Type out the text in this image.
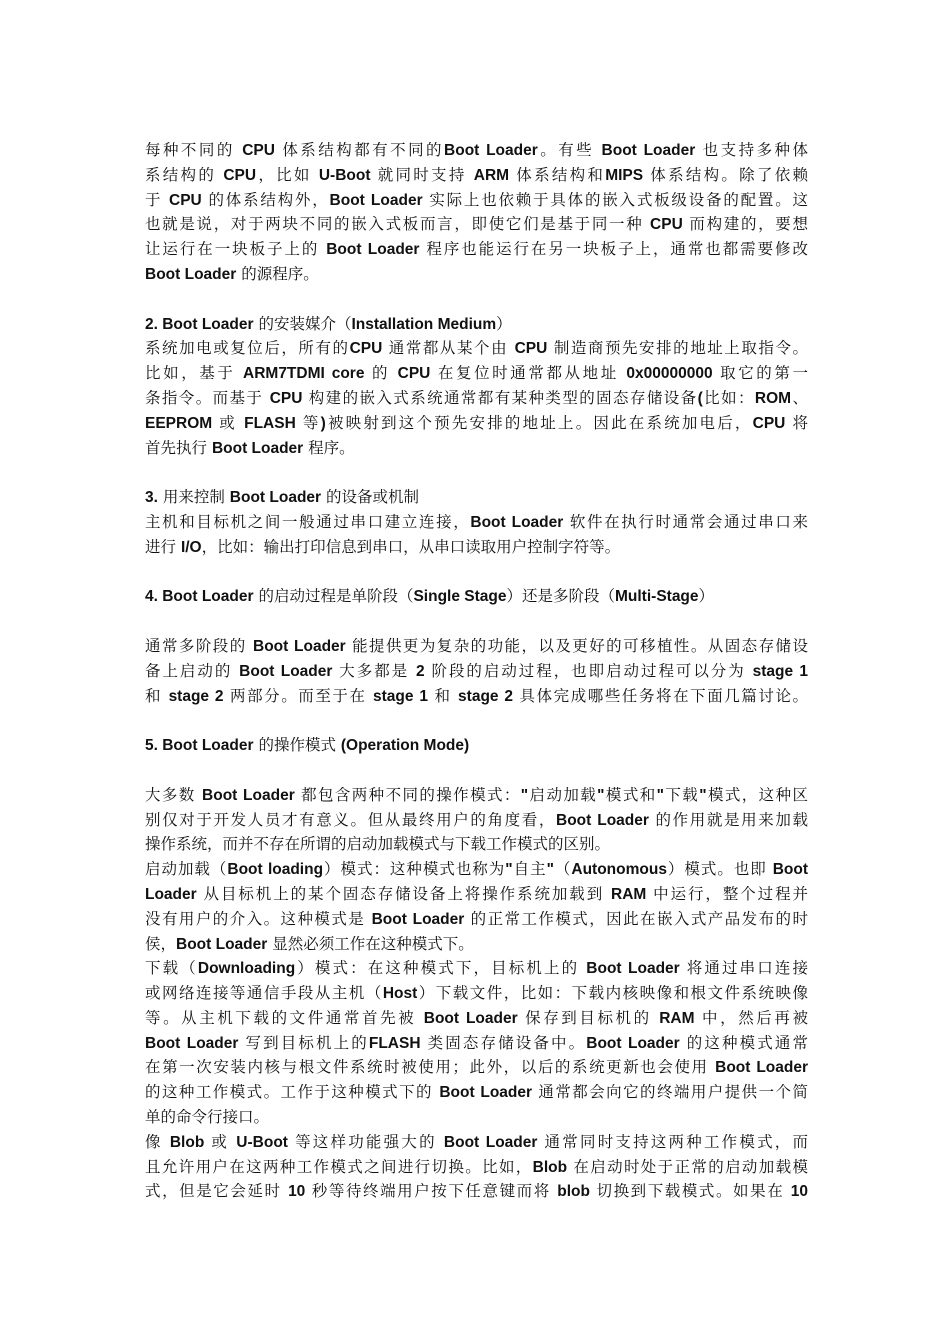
每种不同的 CPU 体系结构都有不同的Boot Loader。有些 Boot Loader 也支持多种体
系结构的 CPU，比如 U-Boot 就同时支持 ARM 体系结构和MIPS 体系结构。除了依赖
于 CPU 的体系结构外，Boot Loader 实际上也依赖于具体的嵌入式板级设备的配置。这
也就是说，对于两块不同的嵌入式板而言，即使它们是基于同一种 CPU 而构建的，要想
让运行在一块板子上的 Boot Loader 程序也能运行在另一块板子上，通常也都需要修改
Boot Loader 的源程序。
2. Boot Loader 的安装媒介（Installation Medium）
系统加电或复位后，所有的CPU 通常都从某个由 CPU 制造商预先安排的地址上取指令。
比如，基于 ARM7TDMI core 的 CPU 在复位时通常都从地址 0x00000000 取它的第一
条指令。而基于 CPU 构建的嵌入式系统通常都有某种类型的固态存储设备(比如：ROM、
EEPROM 或 FLASH 等)被映射到这个预先安排的地址上。因此在系统加电后，CPU 将
首先执行 Boot Loader 程序。
3. 用来控制 Boot Loader 的设备或机制
主机和目标机之间一般通过串口建立连接，Boot Loader 软件在执行时通常会通过串口来
进行 I/O，比如：输出打印信息到串口，从串口读取用户控制字符等。
4. Boot Loader 的启动过程是单阶段（Single Stage）还是多阶段（Multi-Stage）
通常多阶段的 Boot Loader 能提供更为复杂的功能，以及更好的可移植性。从固态存储设
备上启动的 Boot Loader 大多都是 2 阶段的启动过程，也即启动过程可以分为 stage 1
和 stage 2 两部分。而至于在 stage 1 和 stage 2 具体完成哪些任务将在下面几篇讨论。
5. Boot Loader 的操作模式 (Operation Mode)
大多数 Boot Loader 都包含两种不同的操作模式："启动加载"模式和"下载"模式，这种区
别仅对于开发人员才有意义。但从最终用户的角度看，Boot Loader 的作用就是用来加载
操作系统，而并不存在所谓的启动加载模式与下载工作模式的区别。
启动加载（Boot loading）模式：这种模式也称为"自主"（Autonomous）模式。也即 Boot
Loader 从目标机上的某个固态存储设备上将操作系统加载到 RAM 中运行，整个过程并
没有用户的介入。这种模式是 Boot Loader 的正常工作模式，因此在嵌入式产品发布的时
侯，Boot Loader 显然必须工作在这种模式下。
下载（Downloading）模式：在这种模式下，目标机上的 Boot Loader 将通过串口连接
或网络连接等通信手段从主机（Host）下载文件，比如：下载内核映像和根文件系统映像
等。从主机下载的文件通常首先被 Boot Loader 保存到目标机的 RAM 中，然后再被
Boot Loader 写到目标机上的FLASH 类固态存储设备中。Boot Loader 的这种模式通常
在第一次安装内核与根文件系统时被使用；此外，以后的系统更新也会使用 Boot Loader
的这种工作模式。工作于这种模式下的 Boot Loader 通常都会向它的终端用户提供一个简
单的命令行接口。
像 Blob 或 U-Boot 等这样功能强大的 Boot Loader 通常同时支持这两种工作模式，而
且允许用户在这两种工作模式之间进行切换。比如，Blob 在启动时处于正常的启动加载模
式，但是它会延时 10 秒等待终端用户按下任意键而将 blob 切换到下载模式。如果在 10
